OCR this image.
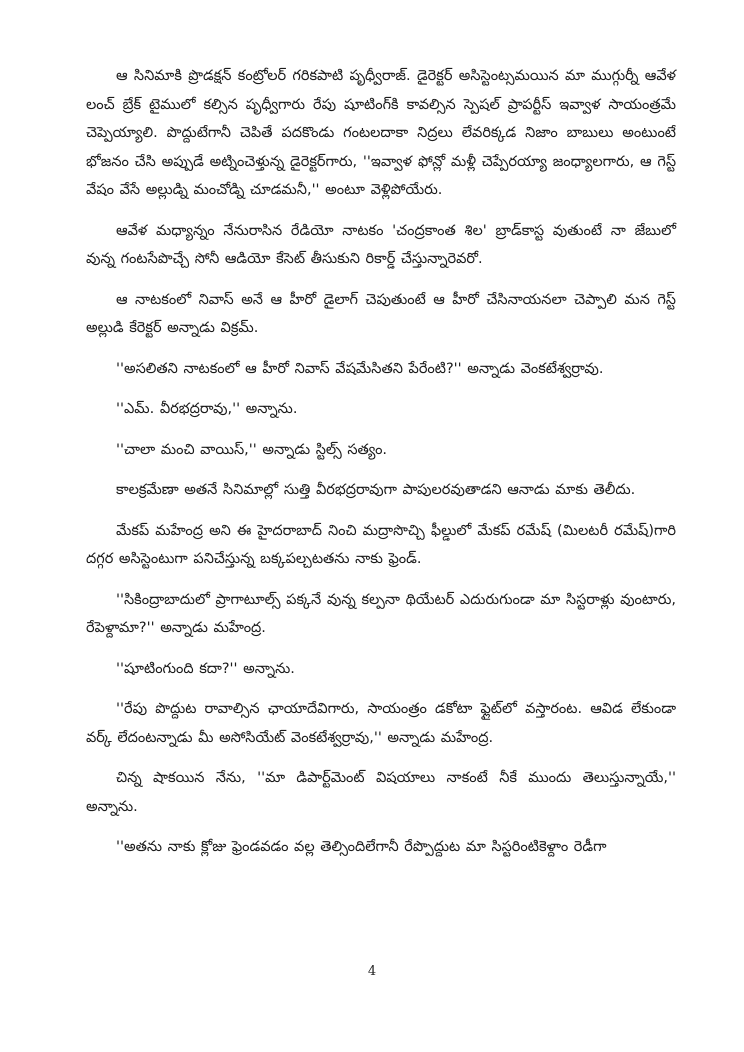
ఆ సినిమాకి ప్రొడక్షన్ కంట్రోలర్ గరికపాటి పృధ్వీరాజ్. డైరెక్టర్ అసిస్టెంట్సమయిన మా ముగ్గుర్నీ ఆవేళ లంచ్ బ్రేక్ టైములో కల్సిన పృధ్వీగారు రేపు షూటింగ్‌కి కావల్సిన స్పెషల్ ప్రాపర్టీస్ ఇవ్వాళ సాయంత్రమే చెప్పెయ్యాలి. పొద్దుటేగానీ చెపితే పదకొండు గంటలదాకా నిద్రలు లేవరిక్కడ నిజాం బాబులు అంటుంటే భోజనం చేసి అప్పుడే అట్నించెళ్తున్న డైరెక్టర్‌గారు, ''ఇవ్వాళ ఫోన్లో మళ్లీ చెప్పేరయ్యా జంధ్యాలగారు, ఆ గెస్ట్ వేషం వేసే అల్లుడ్ని మంచోడ్ని చూడమనీ,'' అంటూ వెళ్లిపోయేరు.

ఆవేళ మధ్యాన్నం నేనురాసిన రేడియో నాటకం 'చంద్రకాంత శిల' బ్రాడ్‌కాస్ట వుతుంటే నా జేబులో వున్న గంటసేపొచ్చే సోనీ ఆడియో కేసెట్ తీసుకుని రికార్డ్ చేస్తున్నారెవరో.

ఆ నాటకంలో నివాస్ అనే ఆ హీరో డైలాగ్ చెపుతుంటే ఆ హీరో చేసినాయనలా చెప్పాలి మన గెస్ట్ అల్లుడి కేరెక్టర్ అన్నాడు విక్రమ్.

''అసలితని నాటకంలో ఆ హీరో నివాస్ వేషమేసితని పేరేంటి?'' అన్నాడు వెంకటేశ్వర్రావు.

''ఎమ్. వీరభద్రరావు,'' అన్నాను.

''చాలా మంచి వాయిస్,'' అన్నాడు స్టిల్స్ సత్యం.

కాలక్రమేణా అతనే సినిమాల్లో సుత్తి వీరభద్రరావుగా పాపులరవుతాడని ఆనాడు మాకు తెలీదు.

మేకప్ మహేంద్ర అని ఈ హైదరాబాద్ నించి మద్రాసొచ్చి ఫీల్డులో మేకప్ రమేష్ (మిలటరీ రమేష్)గారి దగ్గర అసిస్టెంటుగా పనిచేస్తున్న బక్కపల్చటతను నాకు ఫ్రెండ్.

''సికింద్రాబాదులో ప్రాగాటూల్స్ పక్కనే వున్న కల్పనా థియేటర్ ఎదురుగుండా మా సిస్టరాళ్లు వుంటారు, రేపెళ్దామా?'' అన్నాడు మహేంద్ర.

''షూటింగుంది కదా?'' అన్నాను.

''రేపు పొద్దుట రావాల్సిన ఛాయాదేవిగారు, సాయంత్రం డకోటా ఫ్లైట్‌లో వస్తారంట. ఆవిడ లేకుండా వర్క్ లేదంటన్నాడు మీ అసోసియేట్ వెంకటేశ్వర్రావు,'' అన్నాడు మహేంద్ర.

చిన్న షాకయిన నేను, ''మా డిపార్ట్‌మెంట్ విషయాలు నాకంటే నీకే ముందు తెలుస్తున్నాయే,'' అన్నాను.

''అతను నాకు క్లోజు ఫ్రెండవడం వల్ల తెల్సిందిలేగానీ రేప్పొద్దుట మా సిస్టరింటికెళ్దాం రెడీగా

4
